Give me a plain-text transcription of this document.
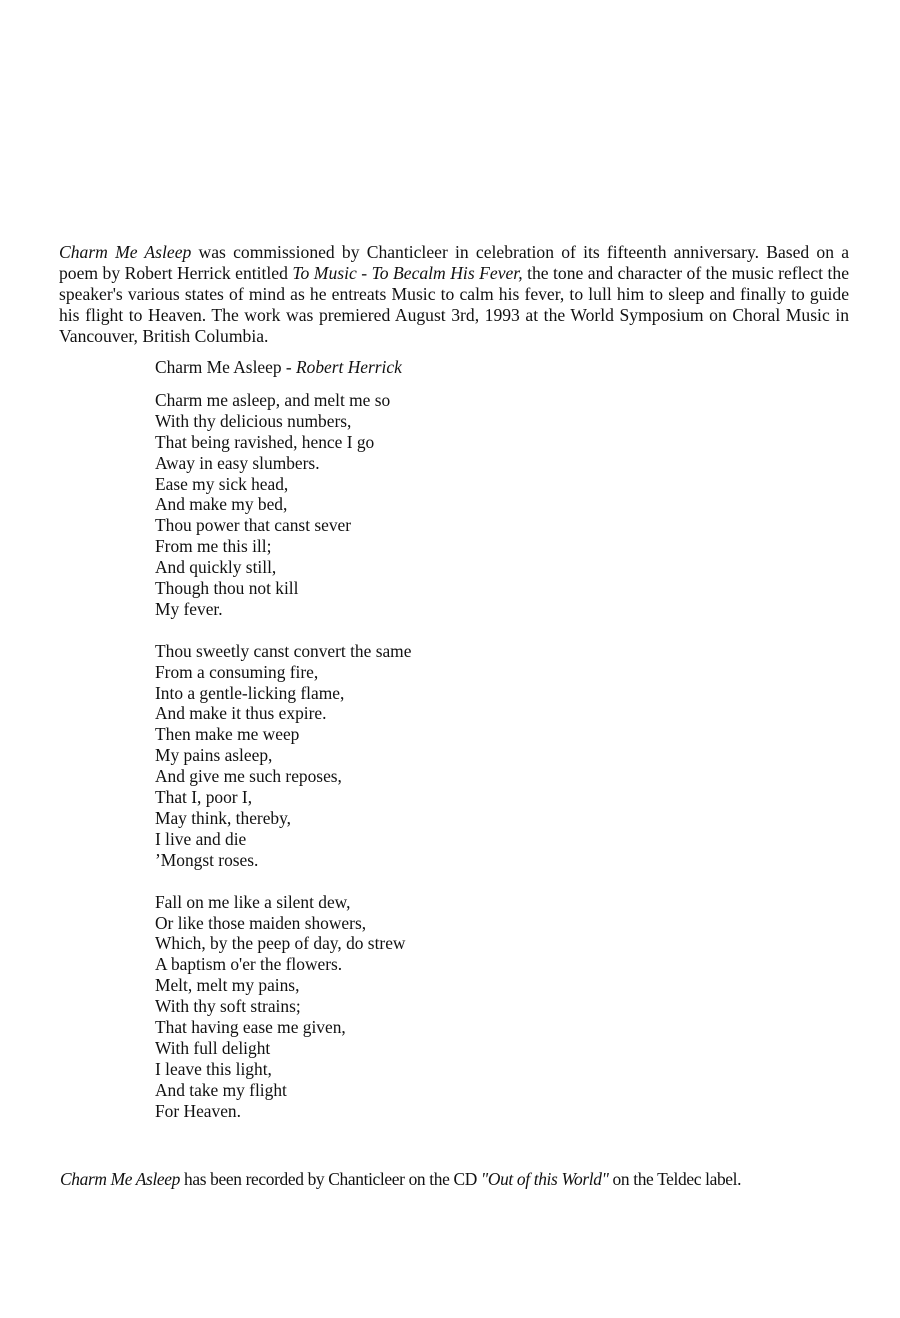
Charm Me Asleep was commissioned by Chanticleer in celebration of its fifteenth anniversary. Based on a poem by Robert Herrick entitled To Music - To Becalm His Fever, the tone and character of the music reflect the speaker's various states of mind as he entreats Music to calm his fever, to lull him to sleep and finally to guide his flight to Heaven. The work was premiered August 3rd, 1993 at the World Symposium on Choral Music in Vancouver, British Columbia.

Charm Me Asleep - Robert Herrick
Charm me asleep, and melt me so
With thy delicious numbers,
That being ravished, hence I go
Away in easy slumbers.
Ease my sick head,
And make my bed,
Thou power that canst sever
From me this ill;
And quickly still,
Though thou not kill
My fever.
Thou sweetly canst convert the same
From a consuming fire,
Into a gentle-licking flame,
And make it thus expire.
Then make me weep
My pains asleep,
And give me such reposes,
That I, poor I,
May think, thereby,
I live and die
’Mongst roses.
Fall on me like a silent dew,
Or like those maiden showers,
Which, by the peep of day, do strew
A baptism o'er the flowers.
Melt, melt my pains,
With thy soft strains;
That having ease me given,
With full delight
I leave this light,
And take my flight
For Heaven.

Charm Me Asleep has been recorded by Chanticleer on the CD "Out of this World" on the Teldec label.
